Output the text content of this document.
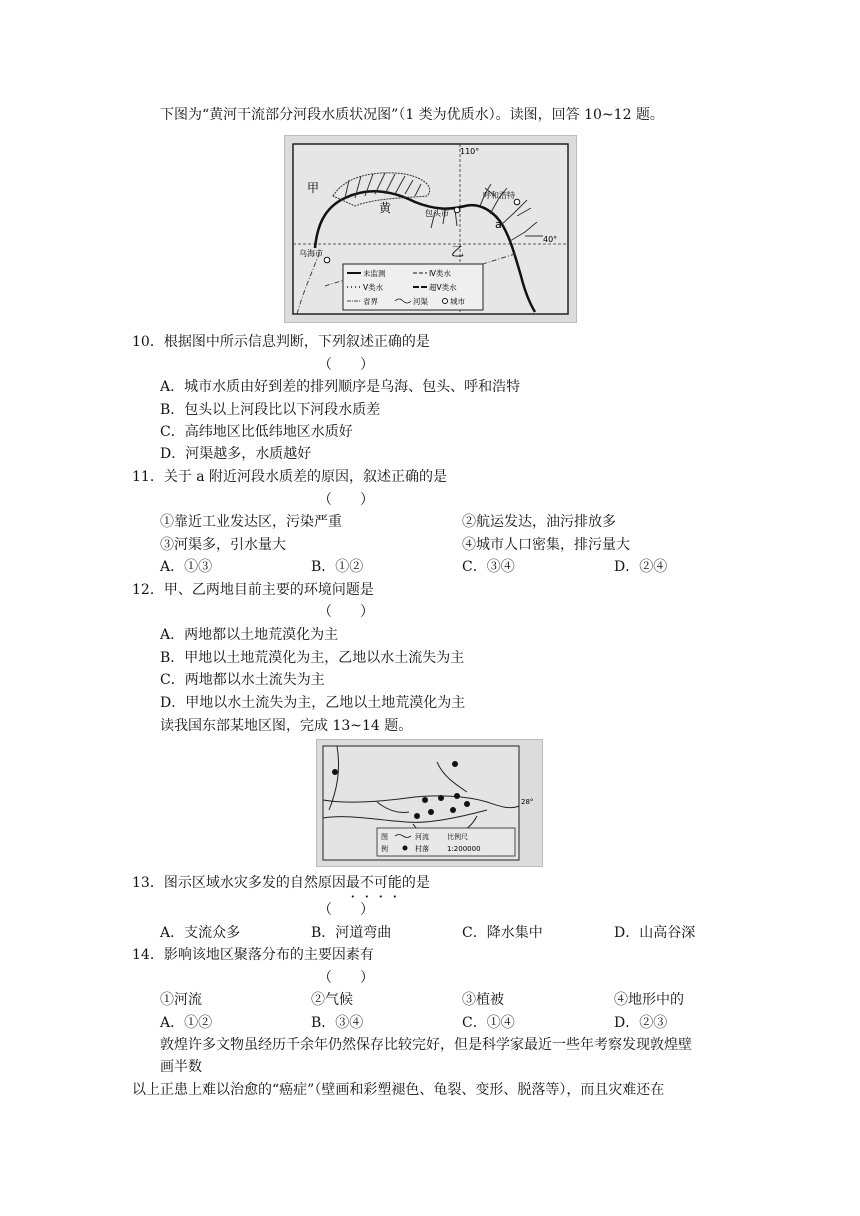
下图为“黄河干流部分河段水质状况图”（1 类为优质水）。读图，回答 10~12 题。
110°
40°
黄
甲
乙
a
乌海市
包头市
呼和浩特
未监测	Ⅳ类水
Ⅴ类水	超Ⅴ类水
省界	河渠	城市
10．根据图中所示信息判断，下列叙述正确的是
（　　）
A．城市水质由好到差的排列顺序是乌海、包头、呼和浩特
B．包头以上河段比以下河段水质差
C．高纬地区比低纬地区水质好
D．河渠越多，水质越好
11．关于 a 附近河段水质差的原因，叙述正确的是
（　　）
①靠近工业发达区，污染严重	②航运发达，油污排放多
③河渠多，引水量大	④城市人口密集，排污量大
A．①③	B．①②	C．③④	D．②④
12．甲、乙两地目前主要的环境问题是
（　　）
A．两地都以土地荒漠化为主
B．甲地以土地荒漠化为主，乙地以水土流失为主
C．两地都以水土流失为主
D．甲地以水土流失为主，乙地以土地荒漠化为主
读我国东部某地区图，完成 13~14 题。
28°
图
例
河流	比例尺
村落	1:200000
13．图示区域水灾多发的自然原因最不可能的是
（　　）
A．支流众多	B．河道弯曲	C．降水集中	D．山高谷深
14．影响该地区聚落分布的主要因素有
（　　）
①河流	②气候	③植被	④地形中的
A．①②	B．③④	C．①④	D．②③
敦煌许多文物虽经历千余年仍然保存比较完好，但是科学家最近一些年考察发现敦煌壁
画半数
以上正患上难以治愈的“癌症”（壁画和彩塑褪色、龟裂、变形、脱落等），而且灾难还在
